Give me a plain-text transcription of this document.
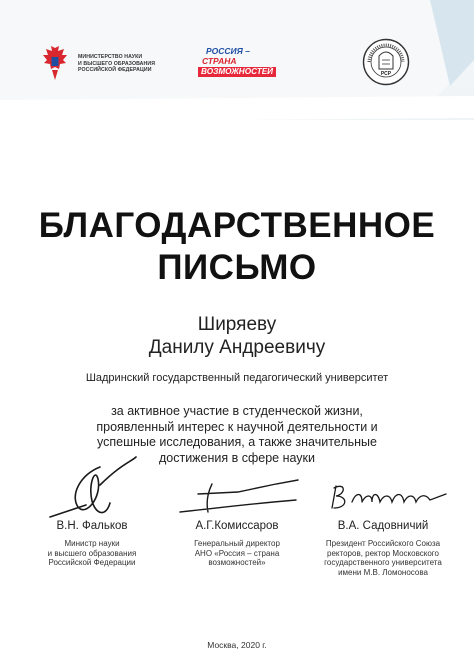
МИНИСТЕРСТВО НАУКИ
И ВЫСШЕГО ОБРАЗОВАНИЯ
РОССИЙСКОЙ ФЕДЕРАЦИИ
РОССИЯ –
СТРАНА
ВОЗМОЖНОСТЕЙ	РСР
БЛАГОДАРСТВЕННОЕ
ПИСЬМО
Ширяеву
Данилу Андреевичу
Шадринский государственный педагогический университет
за активное участие в студенческой жизни,
проявленный интерес к научной деятельности и
успешные исследования, а также значительные
достижения в сфере науки
В.Н. Фальков
Министр науки
и высшего образования
Российской Федерации
А.Г.Комиссаров
Генеральный директор
АНО «Россия – страна
возможностей»
В.А. Садовничий
Президент Российского Союза
ректоров, ректор Московского
государственного университета
имени М.В. Ломоносова
Москва, 2020 г.
